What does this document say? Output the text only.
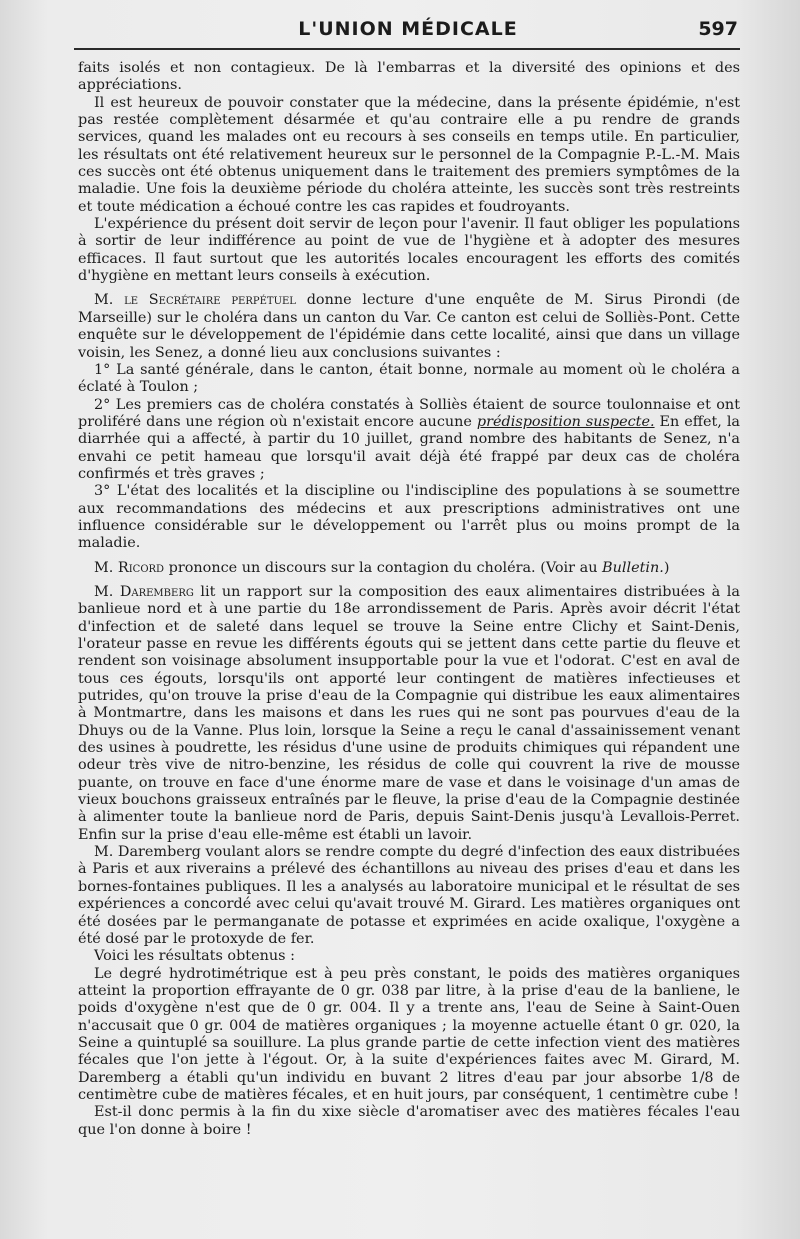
L'UNION MÉDICALE	597

faits isolés et non contagieux. De là l'embarras et la diversité des opinions et des appréciations.

Il est heureux de pouvoir constater que la médecine, dans la présente épidémie, n'est pas restée complètement désarmée et qu'au contraire elle a pu rendre de grands services, quand les malades ont eu recours à ses conseils en temps utile. En particulier, les résultats ont été relativement heureux sur le personnel de la Compagnie P.-L.-M. Mais ces succès ont été obtenus uniquement dans le traitement des premiers symptômes de la maladie. Une fois la deuxième période du choléra atteinte, les succès sont très restreints et toute médication a échoué contre les cas rapides et foudroyants.

L'expérience du présent doit servir de leçon pour l'avenir. Il faut obliger les populations à sortir de leur indifférence au point de vue de l'hygiène et à adopter des mesures efficaces. Il faut surtout que les autorités locales encouragent les efforts des comités d'hygiène en mettant leurs conseils à exécution.

M. le Secrétaire perpétuel donne lecture d'une enquête de M. Sirus Pirondi (de Marseille) sur le choléra dans un canton du Var. Ce canton est celui de Solliès-Pont. Cette enquête sur le développement de l'épidémie dans cette localité, ainsi que dans un village voisin, les Senez, a donné lieu aux conclusions suivantes :

1° La santé générale, dans le canton, était bonne, normale au moment où le choléra a éclaté à Toulon ;

2° Les premiers cas de choléra constatés à Solliès étaient de source toulonnaise et ont proliféré dans une région où n'existait encore aucune prédisposition suspecte. En effet, la diarrhée qui a affecté, à partir du 10 juillet, grand nombre des habitants de Senez, n'a envahi ce petit hameau que lorsqu'il avait déjà été frappé par deux cas de choléra confirmés et très graves ;

3° L'état des localités et la discipline ou l'indiscipline des populations à se soumettre aux recommandations des médecins et aux prescriptions administratives ont une influence considérable sur le développement ou l'arrêt plus ou moins prompt de la maladie.

M. Ricord prononce un discours sur la contagion du choléra. (Voir au Bulletin.)

M. Daremberg lit un rapport sur la composition des eaux alimentaires distribuées à la banlieue nord et à une partie du 18e arrondissement de Paris. Après avoir décrit l'état d'infection et de saleté dans lequel se trouve la Seine entre Clichy et Saint-Denis, l'orateur passe en revue les différents égouts qui se jettent dans cette partie du fleuve et rendent son voisinage absolument insupportable pour la vue et l'odorat. C'est en aval de tous ces égouts, lorsqu'ils ont apporté leur contingent de matières infectieuses et putrides, qu'on trouve la prise d'eau de la Compagnie qui distribue les eaux alimentaires à Montmartre, dans les maisons et dans les rues qui ne sont pas pourvues d'eau de la Dhuys ou de la Vanne. Plus loin, lorsque la Seine a reçu le canal d'assainissement venant des usines à poudrette, les résidus d'une usine de produits chimiques qui répandent une odeur très vive de nitro-benzine, les résidus de colle qui couvrent la rive de mousse puante, on trouve en face d'une énorme mare de vase et dans le voisinage d'un amas de vieux bouchons graisseux entraînés par le fleuve, la prise d'eau de la Compagnie destinée à alimenter toute la banlieue nord de Paris, depuis Saint-Denis jusqu'à Levallois-Perret. Enfin sur la prise d'eau elle-même est établi un lavoir.

M. Daremberg voulant alors se rendre compte du degré d'infection des eaux distribuées à Paris et aux riverains a prélevé des échantillons au niveau des prises d'eau et dans les bornes-fontaines publiques. Il les a analysés au laboratoire municipal et le résultat de ses expériences a concordé avec celui qu'avait trouvé M. Girard. Les matières organiques ont été dosées par le permanganate de potasse et exprimées en acide oxalique, l'oxygène a été dosé par le protoxyde de fer.

Voici les résultats obtenus :

Le degré hydrotimétrique est à peu près constant, le poids des matières organiques atteint la proportion effrayante de 0 gr. 038 par litre, à la prise d'eau de la banliene, le poids d'oxygène n'est que de 0 gr. 004. Il y a trente ans, l'eau de Seine à Saint-Ouen n'accusait que 0 gr. 004 de matières organiques ; la moyenne actuelle étant 0 gr. 020, la Seine a quintuplé sa souillure. La plus grande partie de cette infection vient des matières fécales que l'on jette à l'égout. Or, à la suite d'expériences faites avec M. Girard, M. Daremberg a établi qu'un individu en buvant 2 litres d'eau par jour absorbe 1/8 de centimètre cube de matières fécales, et en huit jours, par conséquent, 1 centimètre cube !

Est-il donc permis à la fin du xixe siècle d'aromatiser avec des matières fécales l'eau que l'on donne à boire !
